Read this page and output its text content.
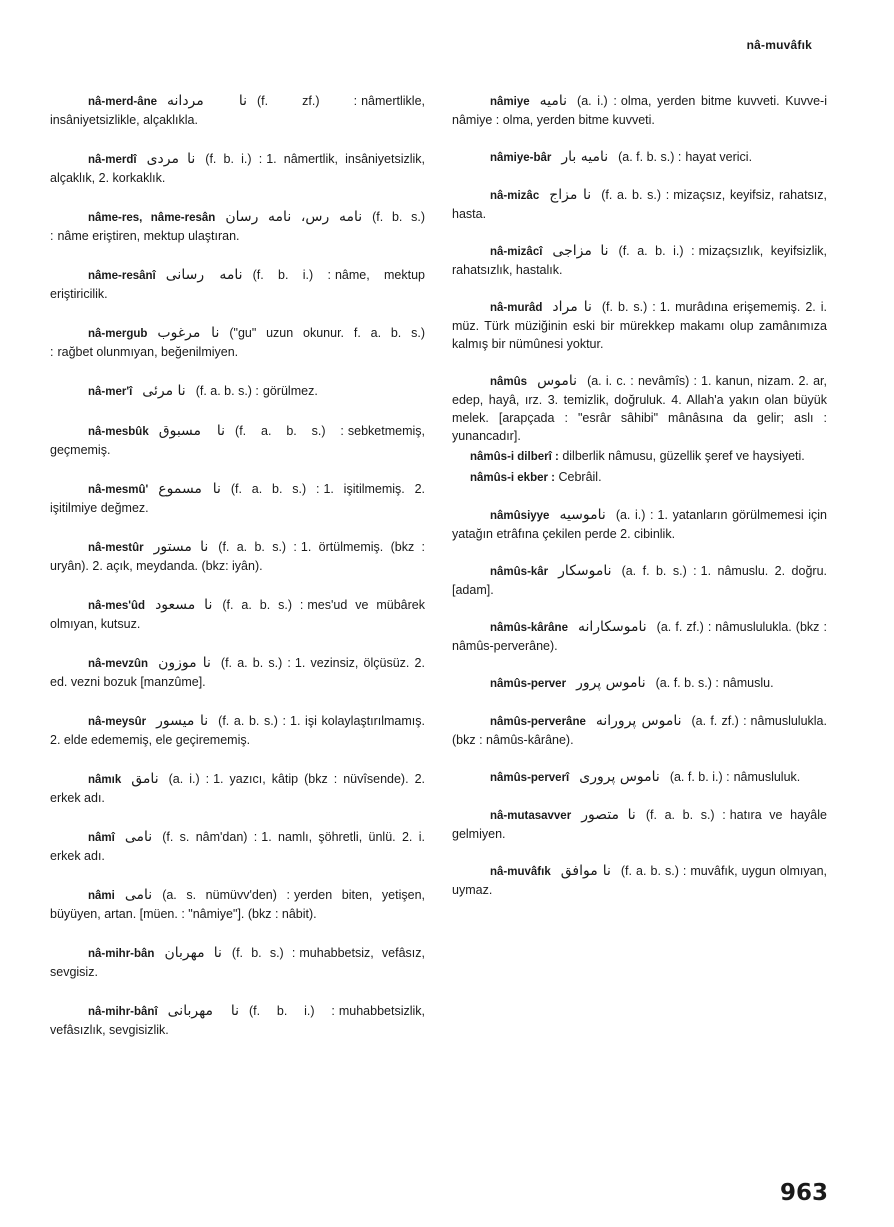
nâ-muvâfık

nâ-merd-âne نا مردانه (f. zf.) : nâmertlikle, insâniyetsizlikle, alçaklıkla.

nâ-merdî نا مردى (f. b. i.) : 1. nâmertlik, insâniyetsizlik, alçaklık, 2. korkaklık.

nâme-res, nâme-resân نامه رس، نامه رسان (f. b. s.) : nâme eriştiren, mektup ulaştıran.

nâme-resânî نامه رسانى (f. b. i.) : nâme, mektup eriştiricilik.

nâ-mergub نا مرغوب ("gu" uzun okunur. f. a. b. s.) : rağbet olunmıyan, beğenilmiyen.

nâ-mer'î نا مرئى (f. a. b. s.) : görülmez.

nâ-mesbûk نا مسبوق (f. a. b. s.) : sebketmemiş, geçmemiş.

nâ-mesmû' نا مسموع (f. a. b. s.) : 1. işitilmemiş. 2. işitilmiye değmez.

nâ-mestûr نا مستور (f. a. b. s.) : 1. örtülmemiş. (bkz : uryân). 2. açık, meydanda. (bkz: iyân).

nâ-mes'ûd نا مسعود (f. a. b. s.) : mes'ud ve mübârek olmıyan, kutsuz.

nâ-mevzûn نا موزون (f. a. b. s.) : 1. vezinsiz, ölçüsüz. 2. ed. vezni bozuk [manzûme].

nâ-meysûr نا ميسور (f. a. b. s.) : 1. işi kolaylaştırılmamış. 2. elde edememiş, ele geçirememiş.

nâmık نامق (a. i.) : 1. yazıcı, kâtip (bkz : nüvîsende). 2. erkek adı.

nâmî نامى (f. s. nâm'dan) : 1. namlı, şöhretli, ünlü. 2. i. erkek adı.

nâmi نامى (a. s. nümüvv'den) : yerden biten, yetişen, büyüyen, artan. [müen. : "nâmiye"]. (bkz : nâbit).

nâ-mihr-bân نا مهربان (f. b. s.) : muhabbetsiz, vefâsız, sevgisiz.

nâ-mihr-bânî نا مهربانى (f. b. i.) : muhabbetsizlik, vefâsızlık, sevgisizlik.

nâmiye ناميه (a. i.) : olma, yerden bitme kuvveti. Kuvve-i nâmiye : olma, yerden bitme kuvveti.

nâmiye-bâr ناميه بار (a. f. b. s.) : hayat verici.

nâ-mizâc نا مزاج (f. a. b. s.) : mizaçsız, keyifsiz, rahatsız, hasta.

nâ-mizâcî نا مزاجى (f. a. b. i.) : mizaçsızlık, keyifsizlik, rahatsızlık, hastalık.

nâ-murâd نا مراد (f. b. s.) : 1. murâdına erişememiş. 2. i. müz. Türk müziğinin eski bir mürekkep makamı olup zamânımıza kalmış bir nümûnesi yoktur.

nâmûs ناموس (a. i. c. : nevâmîs) : 1. kanun, nizam. 2. ar, edep, hayâ, ırz. 3. temizlik, doğruluk. 4. Allah'a yakın olan büyük melek. [arapçada : "esrâr sâhibi" mânâsına da gelir; aslı : yunancadır].

nâmûs-i dilberî : dilberlik nâmusu, güzellik şeref ve haysiyeti.

nâmûs-i ekber : Cebrâil.

nâmûsiyye ناموسيه (a. i.) : 1. yatanların görülmemesi için yatağın etrâfına çekilen perde 2. cibinlik.

nâmûs-kâr ناموسكار (a. f. b. s.) : 1. nâmuslu. 2. doğru. [adam].

nâmûs-kârâne ناموسكارانه (a. f. zf.) : nâmuslulukla. (bkz : nâmûs-perverâne).

nâmûs-perver ناموس پرور (a. f. b. s.) : nâmuslu.

nâmûs-perverâne ناموس پرورانه (a. f. zf.) : nâmuslulukla. (bkz : nâmûs-kârâne).

nâmûs-perverî ناموس پرورى (a. f. b. i.) : nâmusluluk.

nâ-mutasavver نا متصور (f. a. b. s.) : hatıra ve hayâle gelmiyen.

nâ-muvâfık نا موافق (f. a. b. s.) : muvâfık, uygun olmıyan, uymaz.

963
